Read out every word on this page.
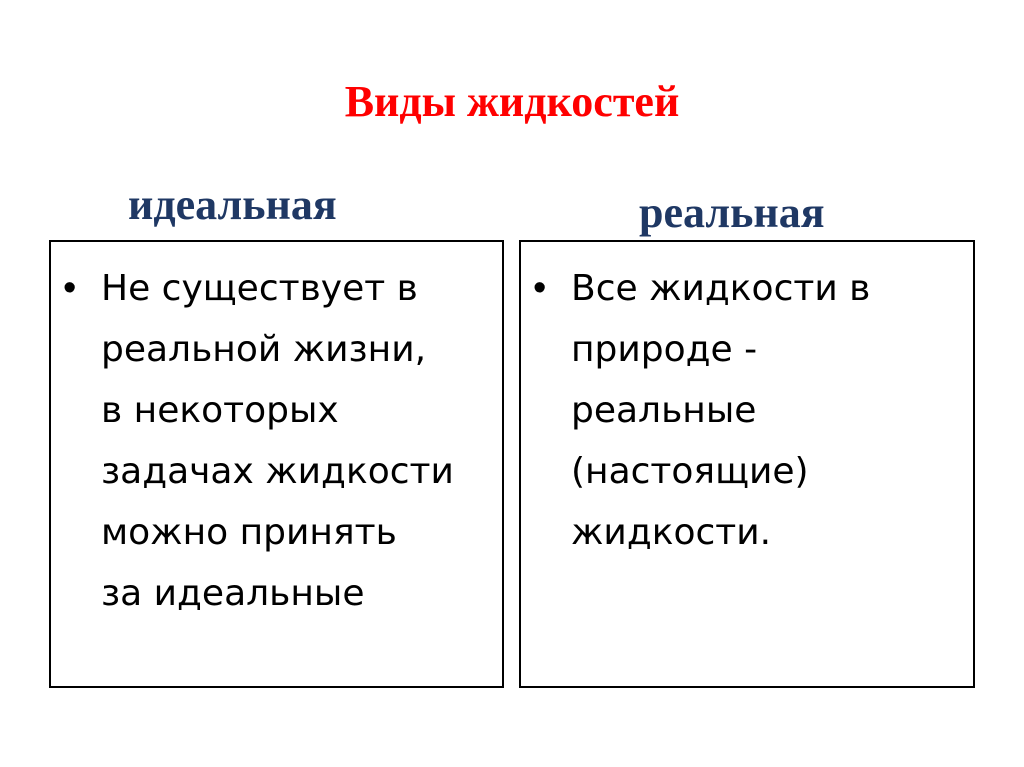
Виды жидкостей
идеальная	реальная
• Не существует в
реальной жизни,
в некоторых
задачах жидкости
можно принять
за идеальные
• Все жидкости в
природе -
реальные
(настоящие)
жидкости.
